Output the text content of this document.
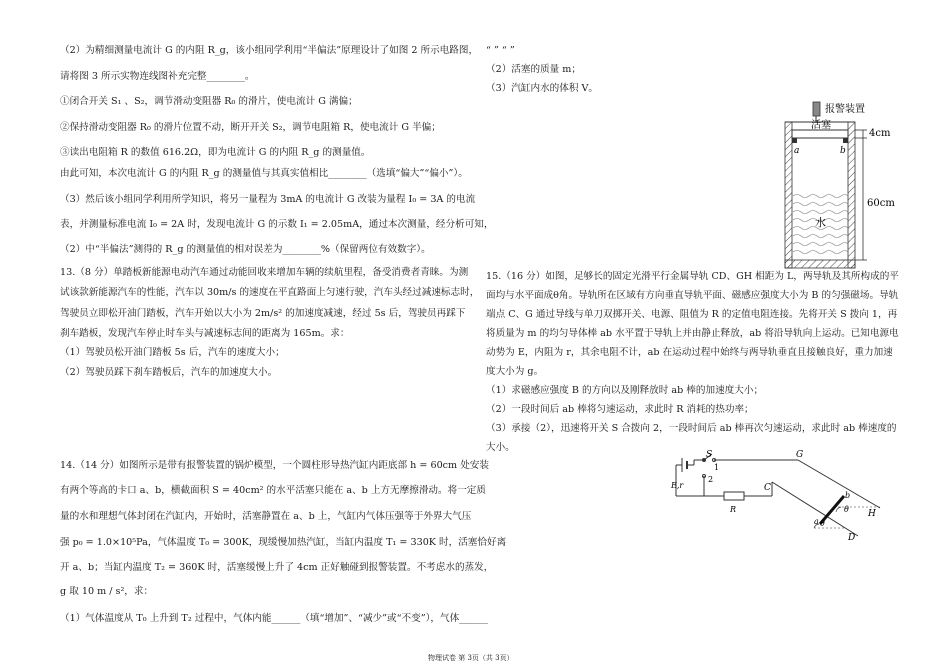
（2）为精细测量电流计 G 的内阻 R_g，该小组同学利用“半偏法”原理设计了如图 2 所示电路图，
请将图 3 所示实物连线图补充完整________。
①闭合开关 S₁ 、S₂，调节滑动变阻器 R₀ 的滑片，使电流计 G 满偏；
②保持滑动变阻器 R₀ 的滑片位置不动，断开开关 S₂，调节电阻箱 R，使电流计 G 半偏；
③读出电阻箱 R 的数值 616.2Ω，即为电流计 G 的内阻 R_g 的测量值。
由此可知，本次电流计 G 的内阻 R_g 的测量值与其真实值相比________（选填“偏大”“偏小”）。
（3）然后该小组同学利用所学知识，将另一量程为 3mA 的电流计 G 改装为量程 I₀ = 3A 的电流
表，并测量标准电流 I₀ = 2A 时，发现电流计 G 的示数 I₁ = 2.05mA，通过本次测量，经分析可知，
（2）中“半偏法”测得的 R_g 的测量值的相对误差为________%（保留两位有效数字）。
13.（8 分）单踏板新能源电动汽车通过动能回收来增加车辆的续航里程，备受消费者青睐。为测
试该款新能源汽车的性能，汽车以 30m/s 的速度在平直路面上匀速行驶，汽车头经过减速标志时，
驾驶员立即松开油门踏板，汽车开始以大小为 2m/s² 的加速度减速，经过 5s 后，驾驶员再踩下
刹车踏板，发现汽车停止时车头与减速标志间的距离为 165m。求：
（1）驾驶员松开油门踏板 5s 后，汽车的速度大小；
（2）驾驶员踩下刹车踏板后，汽车的加速度大小。
14.（14 分）如图所示是带有报警装置的锅炉模型，一个圆柱形导热汽缸内距底部 h = 60cm 处安装
有两个等高的卡口 a、b，横截面积 S = 40cm² 的水平活塞只能在 a、b 上方无摩擦滑动。将一定质
量的水和理想气体封闭在汽缸内，开始时，活塞静置在 a、b 上，气缸内气体压强等于外界大气压
强 p₀ = 1.0×10⁵Pa，气体温度 T₀ = 300K，现缓慢加热汽缸，当缸内温度 T₁ = 330K 时，活塞恰好离
开 a、b；当缸内温度 T₂ = 360K 时，活塞缓慢上升了 4cm 正好触碰到报警装置。不考虑水的蒸发，
g 取 10 m / s²，求：
（1）气体温度从 T₀ 上升到 T₂ 过程中，气体内能______（填“增加”、“减少”或“不变”），气体______
“ ” “ ”
（2）活塞的质量 m；
（3）汽缸内水的体积 V。
15.（16 分）如图，足够长的固定光滑平行金属导轨 CD、GH 相距为 L，两导轨及其所构成的平
面均与水平面成θ角。导轨所在区域有方向垂直导轨平面、磁感应强度大小为 B 的匀强磁场。导轨
端点 C、G 通过导线与单刀双掷开关、电源、阻值为 R 的定值电阻连接。先将开关 S 拨向 1，再
将质量为 m 的均匀导体棒 ab 水平置于导轨上并由静止释放，ab 将沿导轨向上运动。已知电源电
动势为 E，内阻为 r，其余电阻不计，ab 在运动过程中始终与两导轨垂直且接触良好，重力加速
度大小为 g。
（1）求磁感应强度 B 的方向以及刚释放时 ab 棒的加速度大小；
（2）一段时间后 ab 棒将匀速运动，求此时 R 消耗的热功率；
（3）承接（2），迅速将开关 S 合拨向 2，一段时间后 ab 棒再次匀速运动，求此时 ab 棒速度的
大小。
报警装置
活塞
a	b
水
4cm
60cm
S
1
2
E,r
R
C
G
a
b
θ
θ
H
D
物理试卷 第 3页（共 3页）
